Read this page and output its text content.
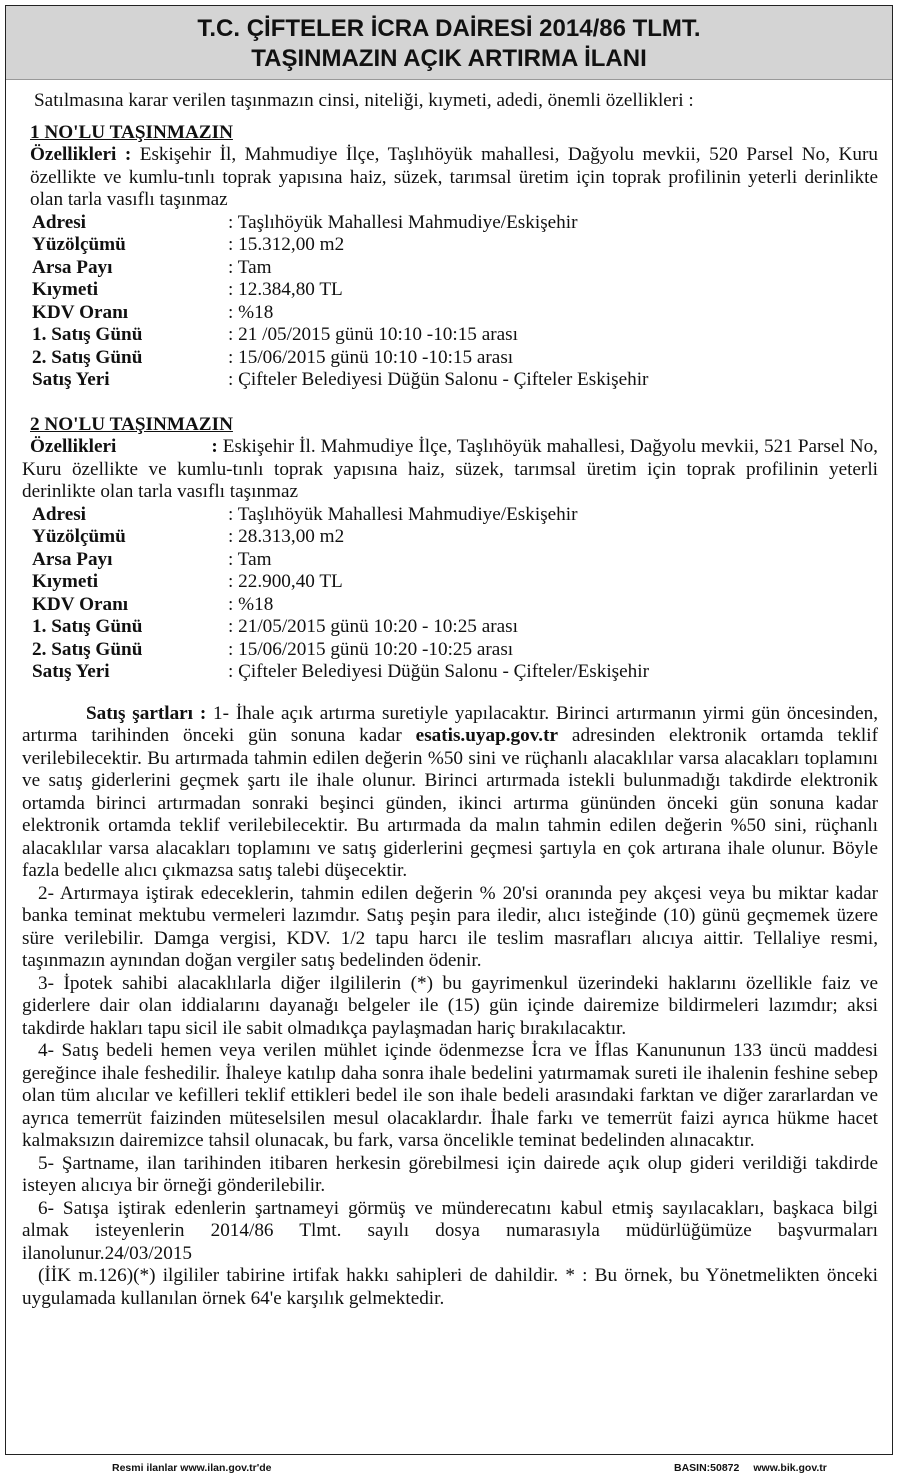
T.C. ÇİFTELER İCRA DAİRESİ 2014/86 TLMT.
TAŞINMAZIN AÇIK ARTIRMA İLANI
Satılmasına karar verilen taşınmazın cinsi, niteliği, kıymeti, adedi, önemli özellikleri :
1 NO'LU TAŞINMAZIN
Özellikleri : Eskişehir İl, Mahmudiye İlçe, Taşlıhöyük mahallesi, Dağyolu mevkii, 520 Parsel No, Kuru özellikte ve kumlu-tınlı toprak yapısına haiz, süzek, tarımsal üretim için toprak profilinin yeterli derinlikte olan tarla vasıflı taşınmaz
Adresi	: Taşlıhöyük Mahallesi Mahmudiye/Eskişehir
Yüzölçümü	: 15.312,00 m2
Arsa Payı	: Tam
Kıymeti	: 12.384,80 TL
KDV Oranı	: %18
1. Satış Günü	: 21 /05/2015 günü 10:10 -10:15 arası
2. Satış Günü	: 15/06/2015 günü 10:10 -10:15 arası
Satış Yeri	: Çifteler Belediyesi Düğün Salonu - Çifteler Eskişehir
2 NO'LU TAŞINMAZIN
Özellikleri                   : Eskişehir İl. Mahmudiye İlçe, Taşlıhöyük mahallesi, Dağyolu mevkii, 521 Parsel No, Kuru özellikte ve kumlu-tınlı toprak yapısına haiz, süzek, tarımsal üretim için toprak profilinin yeterli derinlikte olan tarla vasıflı taşınmaz
Adresi	: Taşlıhöyük Mahallesi Mahmudiye/Eskişehir
Yüzölçümü	: 28.313,00 m2
Arsa Payı	: Tam
Kıymeti	: 22.900,40 TL
KDV Oranı	: %18
1. Satış Günü	: 21/05/2015 günü 10:20 - 10:25 arası
2. Satış Günü	: 15/06/2015 günü 10:20 -10:25 arası
Satış Yeri	: Çifteler Belediyesi Düğün Salonu - Çifteler/Eskişehir
Satış şartları : 1- İhale açık artırma suretiyle yapılacaktır. Birinci artırmanın yirmi gün öncesinden, artırma tarihinden önceki gün sonuna kadar esatis.uyap.gov.tr adresinden elektronik ortamda teklif verilebilecektir. Bu artırmada tahmin edilen değerin %50 sini ve rüçhanlı alacaklılar varsa alacakları toplamını ve satış giderlerini geçmek şartı ile ihale olunur. Birinci artırmada istekli bulunmadığı takdirde elektronik ortamda birinci artırmadan sonraki beşinci günden, ikinci artırma gününden önceki gün sonuna kadar elektronik ortamda teklif verilebilecektir. Bu artırmada da malın tahmin edilen değerin %50 sini, rüçhanlı alacaklılar varsa alacakları toplamını ve satış giderlerini geçmesi şartıyla en çok artırana ihale olunur. Böyle fazla bedelle alıcı çıkmazsa satış talebi düşecektir.
2- Artırmaya iştirak edeceklerin, tahmin edilen değerin % 20'si oranında pey akçesi veya bu miktar kadar banka teminat mektubu vermeleri lazımdır. Satış peşin para iledir, alıcı isteğinde (10) günü geçmemek üzere süre verilebilir. Damga vergisi, KDV. 1/2 tapu harcı ile teslim masrafları alıcıya aittir. Tellaliye resmi, taşınmazın aynından doğan vergiler satış bedelinden ödenir.
3- İpotek sahibi alacaklılarla diğer ilgililerin (*) bu gayrimenkul üzerindeki haklarını özellikle faiz ve giderlere dair olan iddialarını dayanağı belgeler ile (15) gün içinde dairemize bildirmeleri lazımdır; aksi takdirde hakları tapu sicil ile sabit olmadıkça paylaşmadan hariç bırakılacaktır.
4- Satış bedeli hemen veya verilen mühlet içinde ödenmezse İcra ve İflas Kanununun 133 üncü maddesi gereğince ihale feshedilir. İhaleye katılıp daha sonra ihale bedelini yatırmamak sureti ile ihalenin feshine sebep olan tüm alıcılar ve kefilleri teklif ettikleri bedel ile son ihale bedeli arasındaki farktan ve diğer zararlardan ve ayrıca temerrüt faizinden müteselsilen mesul olacaklardır. İhale farkı ve temerrüt faizi ayrıca hükme hacet kalmaksızın dairemizce tahsil olunacak, bu fark, varsa öncelikle teminat bedelinden alınacaktır.
5- Şartname, ilan tarihinden itibaren herkesin görebilmesi için dairede açık olup gideri verildiği takdirde isteyen alıcıya bir örneği gönderilebilir.
6- Satışa iştirak edenlerin şartnameyi görmüş ve münderecatını kabul etmiş sayılacakları, başkaca bilgi almak isteyenlerin 2014/86 Tlmt. sayılı dosya numarasıyla müdürlüğümüze başvurmaları ilanolunur.24/03/2015
(İİK m.126)(*) ilgililer tabirine irtifak hakkı sahipleri de dahildir. * : Bu örnek, bu Yönetmelikten önceki uygulamada kullanılan örnek 64'e karşılık gelmektedir.
Resmi ilanlar www.ilan.gov.tr'de	BASIN:50872 www.bik.gov.tr
